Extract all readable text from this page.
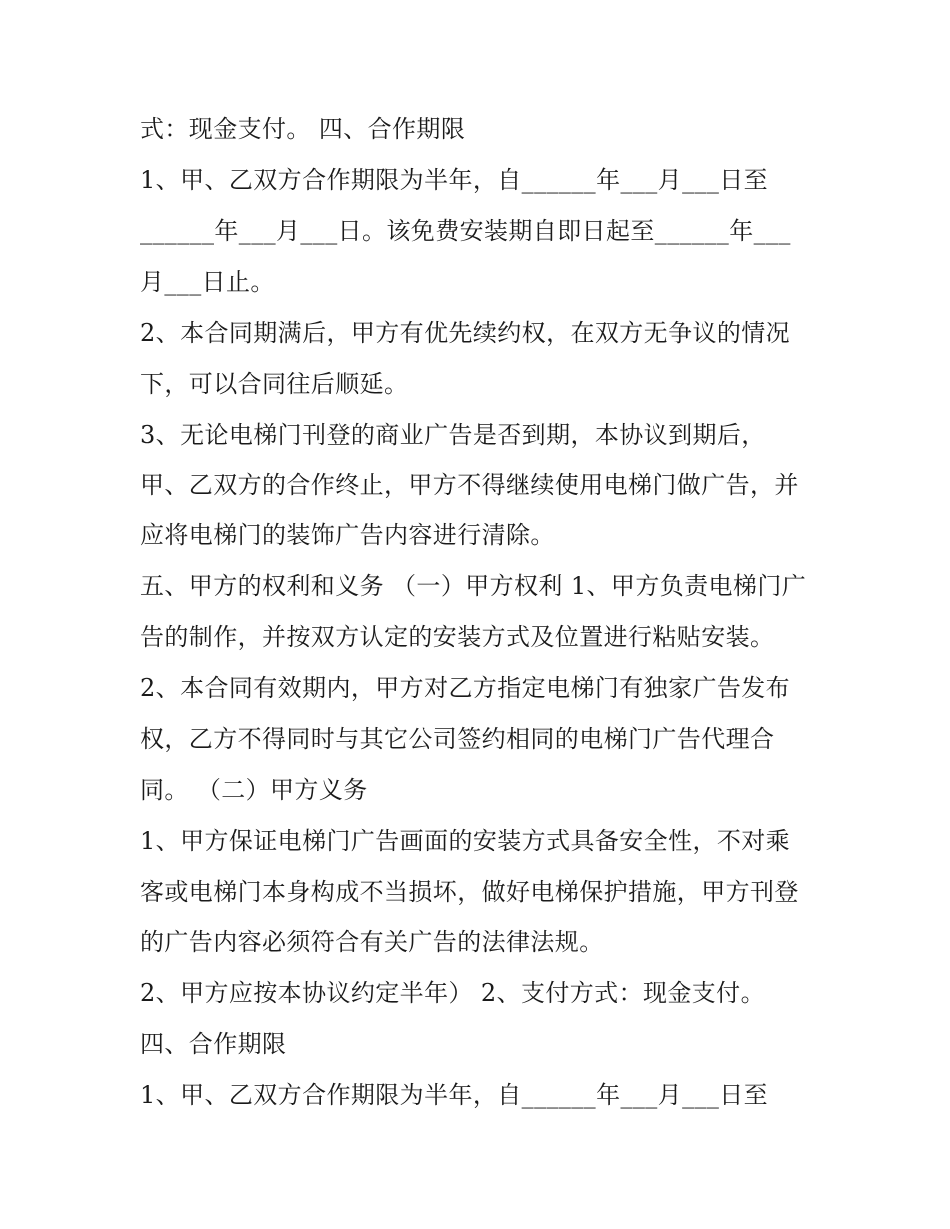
式：现金支付。 四、合作期限

1、甲、乙双方合作期限为半年，自______年___月___日至

______年___月___日。该免费安装期自即日起至______年___

月___日止。

2、本合同期满后，甲方有优先续约权，在双方无争议的情况

下，可以合同往后顺延。

3、无论电梯门刊登的商业广告是否到期，本协议到期后，

甲、乙双方的合作终止，甲方不得继续使用电梯门做广告，并

应将电梯门的装饰广告内容进行清除。

五、甲方的权利和义务 （一）甲方权利 1、甲方负责电梯门广

告的制作，并按双方认定的安装方式及位置进行粘贴安装。

2、本合同有效期内，甲方对乙方指定电梯门有独家广告发布

权，乙方不得同时与其它公司签约相同的电梯门广告代理合

同。 （二）甲方义务

1、甲方保证电梯门广告画面的安装方式具备安全性，不对乘

客或电梯门本身构成不当损坏，做好电梯保护措施，甲方刊登

的广告内容必须符合有关广告的法律法规。

2、甲方应按本协议约定半年） 2、支付方式：现金支付。

四、合作期限

1、甲、乙双方合作期限为半年，自______年___月___日至
